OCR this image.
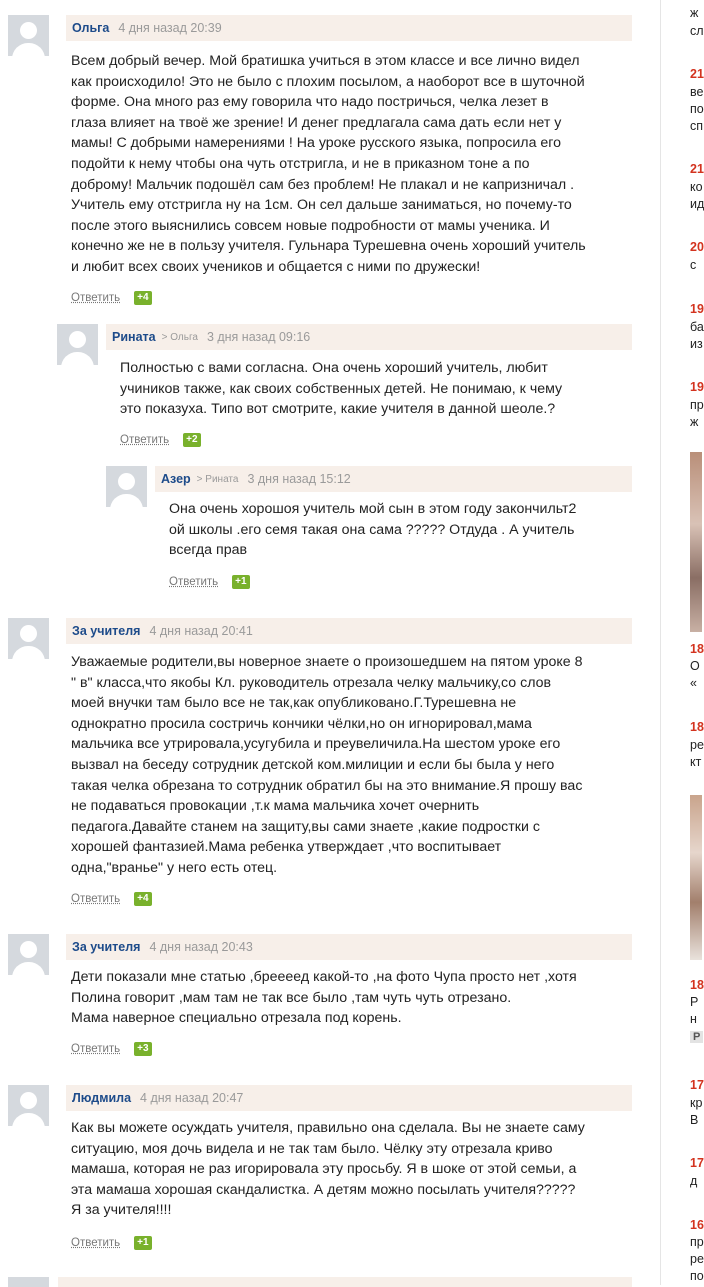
Ольга 4 дня назад 20:39
Всем добрый вечер. Мой братишка учиться в этом классе и все лично видел
как происходило! Это не было с плохим посылом, а наоборот все в шуточной
форме. Она много раз ему говорила что надо постричься, челка лезет в
глаза влияет на твоё же зрение! И денег предлагала сама дать если нет у
мамы! С добрыми намерениями ! На уроке русского языка, попросила его
подойти к нему чтобы она чуть отстригла, и не в приказном тоне а по
доброму! Мальчик подошёл сам без проблем! Не плакал и не капризничал .
Учитель ему отстригла ну на 1см. Он сел дальше заниматься, но почему-то
после этого выяснились совсем новые подробности от мамы ученика. И
конечно же не в пользу учителя. Гульнара Турешевна очень хороший учитель
и любит всех своих учеников и общается с ними по дружески!
Ответить	+4
Рината > Ольга 3 дня назад 09:16
Полностью с вами согласна. Она очень хороший учитель, любит
учиников также, как своих собственных детей. Не понимаю, к чему
это показуха. Типо вот смотрите, какие учителя в данной шеоле.?
Ответить	+2
Азер > Рината 3 дня назад 15:12
Она очень хорошоя учитель мой сын в этом году закончильт2
ой школы .его семя такая она сама ????? Отдуда . А учитель
всегда прав
Ответить	+1
За учителя 4 дня назад 20:41
Уважаемые родители,вы новерное знаете о произошедшем на пятом уроке 8
" в" класса,что якобы Кл. руководитель отрезала челку мальчику,со слов
моей внучки там было все не так,как опубликовано.Г.Турешевна не
однократно просила состричь кончики чёлки,но он игнорировал,мама
мальчика все утрировала,усугубила и преувеличила.На шестом уроке его
вызвал на беседу сотрудник детской ком.милиции и если бы была у него
такая челка обрезана то сотрудник обратил бы на это внимание.Я прошу вас
не подаваться провокации ,т.к мама мальчика хочет очернить
педагога.Давайте станем на защиту,вы сами знаете ,какие подростки с
хорошей фантазией.Мама ребенка утверждает ,что воспитывает
одна,"вранье" у него есть отец.
Ответить	+4
За учителя 4 дня назад 20:43
Дети показали мне статью ,бреееед какой-то ,на фото Чупа просто нет ,хотя
Полина говорит ,мам там не так все было ,там чуть чуть отрезано.
Мама наверное специально отрезала под корень.
Ответить	+3
Людмила 4 дня назад 20:47
Как вы можете осуждать учителя, правильно она сделала. Вы не знаете саму
ситуацию, моя дочь видела и не так там было. Чёлку эту отрезала криво
мамаша, которая не раз игорировала эту просьбу. Я в шоке от этой семьи, а
эта мамаша хорошая скандалистка. А детям можно посылать учителя?????
Я за учителя!!!!
Ответить	+1
ж
сл
21
ве
по
сп
21
ко
ид
20
с
19
ба
из
19
пр
ж
18
О
«
18
ре
кт
18
Р
н
Р
17
кр
В
17
д
16
пр
ре
по
